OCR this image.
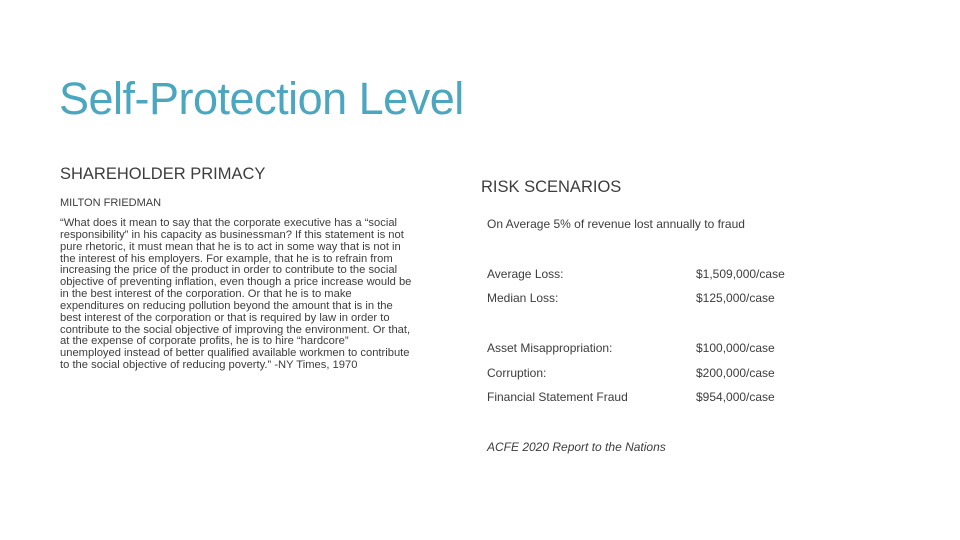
Self-Protection Level
SHAREHOLDER PRIMACY
MILTON FRIEDMAN

“What does it mean to say that the corporate executive has a “social responsibility” in his capacity as businessman? If this statement is not pure rhetoric, it must mean that he is to act in some way that is not in the interest of his employers. For example, that he is to refrain from increasing the price of the product in order to contribute to the social objective of preventing inflation, even though a price increase would be in the best interest of the corporation. Or that he is to make expenditures on reducing pollution beyond the amount that is in the best interest of the corporation or that is required by law in order to contribute to the social objective of improving the environment. Or that, at the expense of corporate profits, he is to hire “hardcore” unemployed instead of better qualified available workmen to contribute to the social objective of reducing poverty.” -NY Times, 1970

RISK SCENARIOS
On Average 5% of revenue lost annually to fraud
Average Loss:	$1,509,000/case
Median Loss:	$125,000/case
Asset Misappropriation:	$100,000/case
Corruption:	$200,000/case
Financial Statement Fraud	$954,000/case
ACFE 2020 Report to the Nations
